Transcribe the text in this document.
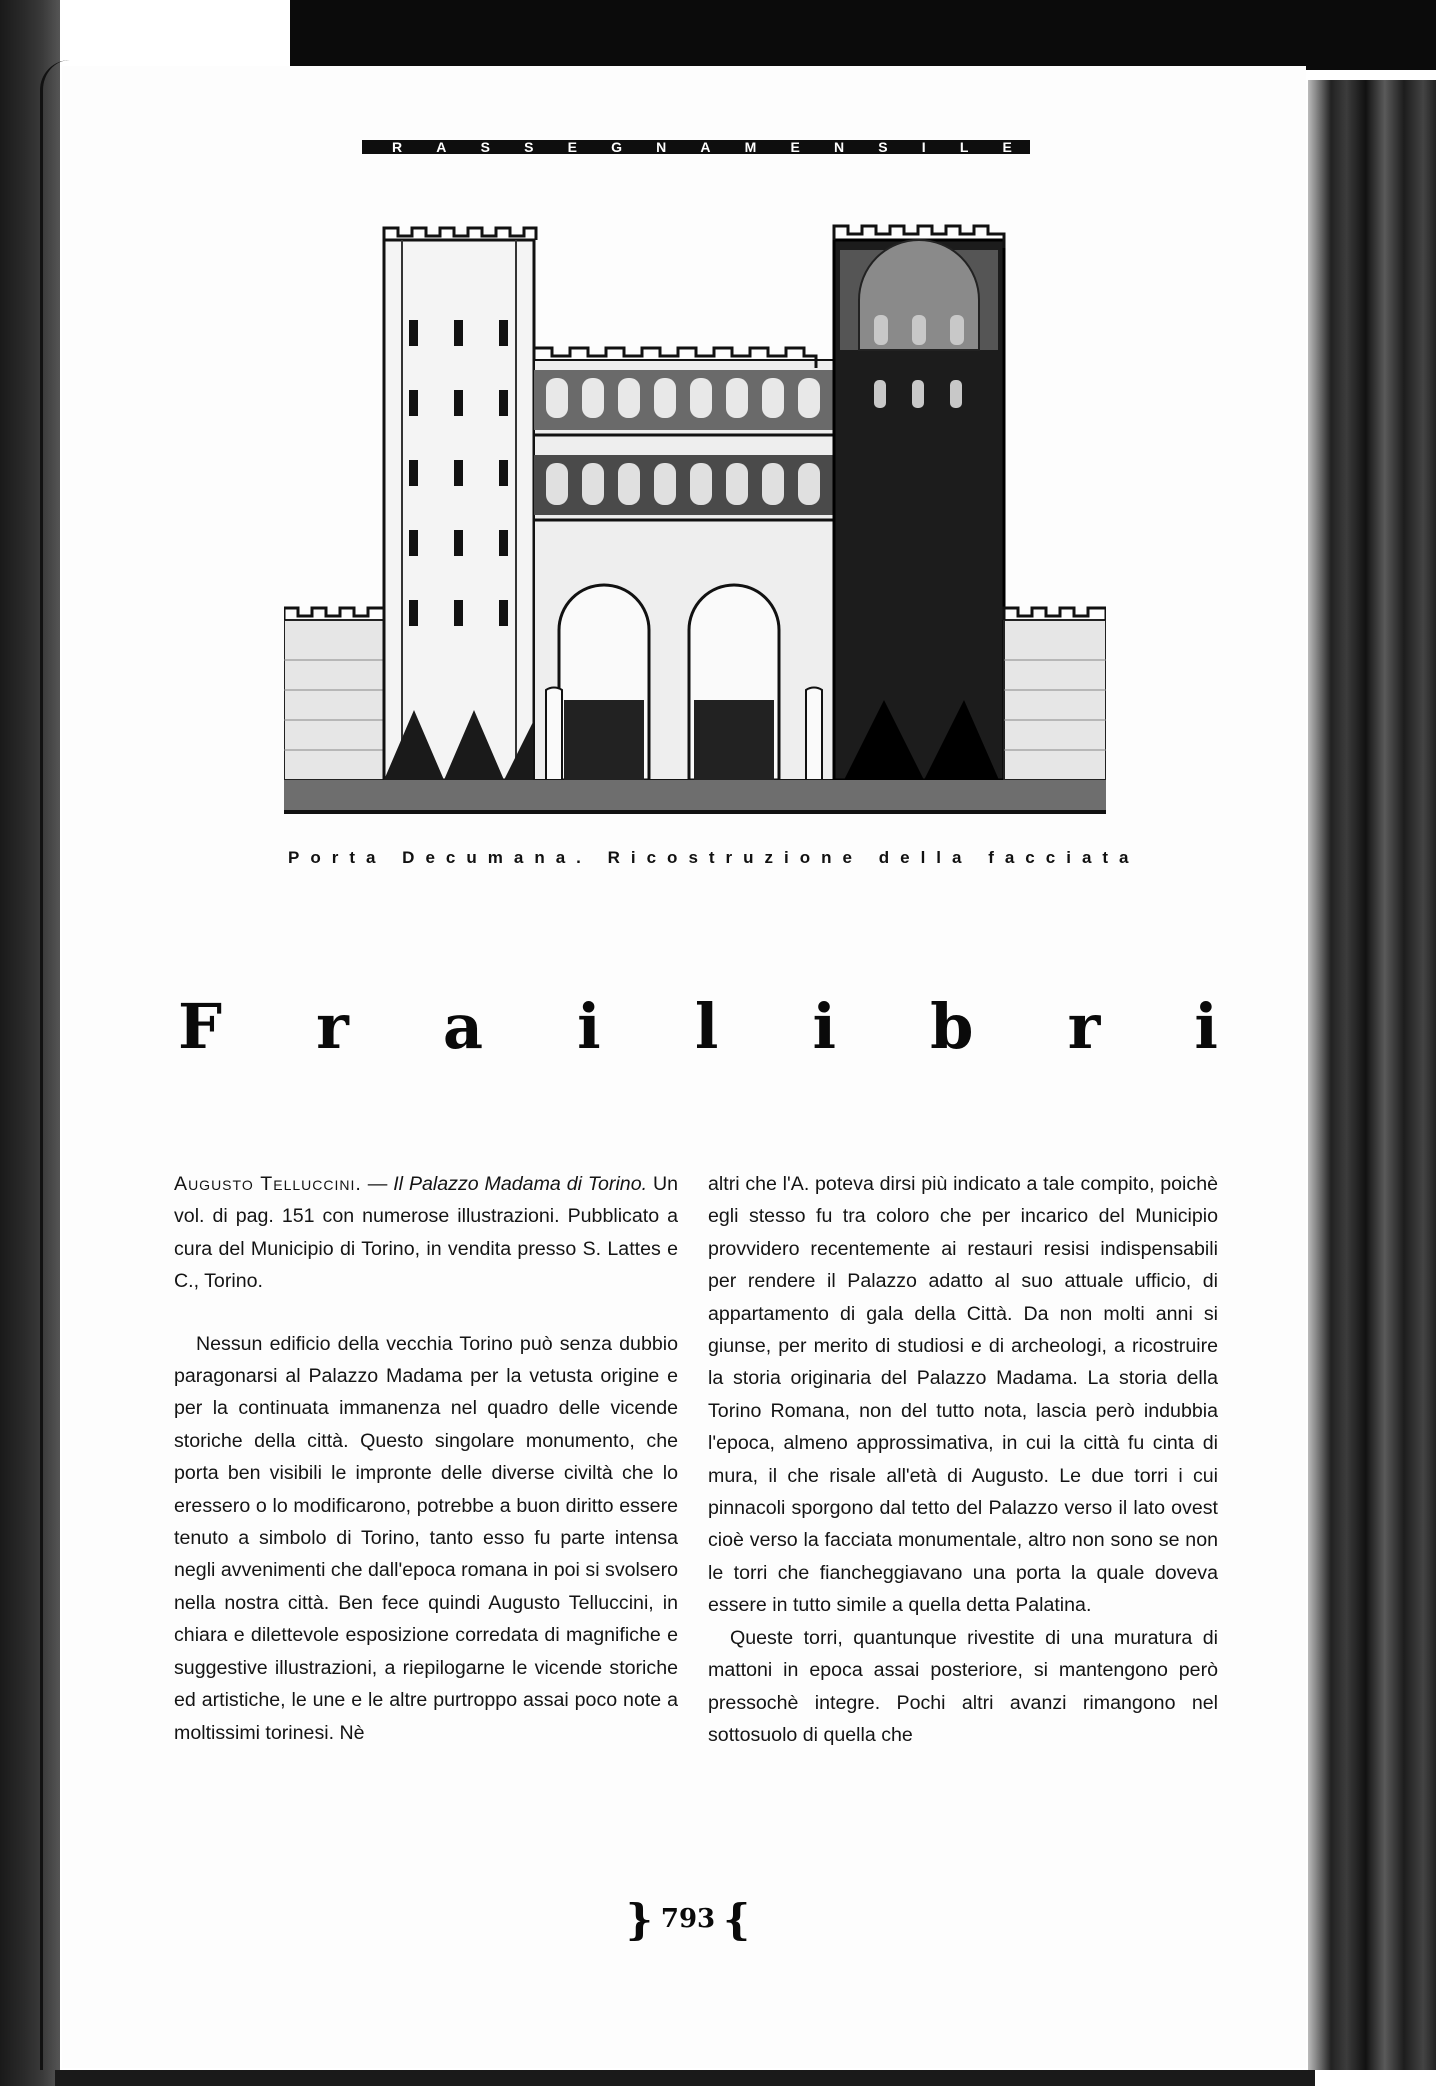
R A S S E G N A M E N S I L E
Porta Decumana. Ricostruzione della facciata
F r a i l i b r i

Augusto Telluccini. — Il Palazzo Madama di Torino. Un vol. di pag. 151 con numerose illustrazioni. Pubblicato a cura del Municipio di Torino, in vendita presso S. Lattes e C., Torino.

Nessun edificio della vecchia Torino può senza dubbio paragonarsi al Palazzo Madama per la vetusta origine e per la continuata immanenza nel quadro delle vicende storiche della città. Questo singolare monumento, che porta ben visibili le impronte delle diverse civiltà che lo eressero o lo modificarono, potrebbe a buon diritto essere tenuto a simbolo di Torino, tanto esso fu parte intensa negli avvenimenti che dall'epoca romana in poi si svolsero nella nostra città. Ben fece quindi Augusto Telluccini, in chiara e dilettevole esposizione corredata di magnifiche e suggestive illustrazioni, a riepilogarne le vicende storiche ed artistiche, le une e le altre purtroppo assai poco note a moltissimi torinesi. Nè

altri che l'A. poteva dirsi più indicato a tale compito, poichè egli stesso fu tra coloro che per incarico del Municipio provvidero recentemente ai restauri resisi indispensabili per rendere il Palazzo adatto al suo attuale ufficio, di appartamento di gala della Città. Da non molti anni si giunse, per merito di studiosi e di archeologi, a ricostruire la storia originaria del Palazzo Madama. La storia della Torino Romana, non del tutto nota, lascia però indubbia l'epoca, almeno approssimativa, in cui la città fu cinta di mura, il che risale all'età di Augusto. Le due torri i cui pinnacoli sporgono dal tetto del Palazzo verso il lato ovest cioè verso la facciata monumentale, altro non sono se non le torri che fiancheggiavano una porta la quale doveva essere in tutto simile a quella detta Palatina.

Queste torri, quantunque rivestite di una muratura di mattoni in epoca assai posteriore, si mantengono però pressochè integre. Pochi altri avanzi rimangono nel sottosuolo di quella che

} 793 {
